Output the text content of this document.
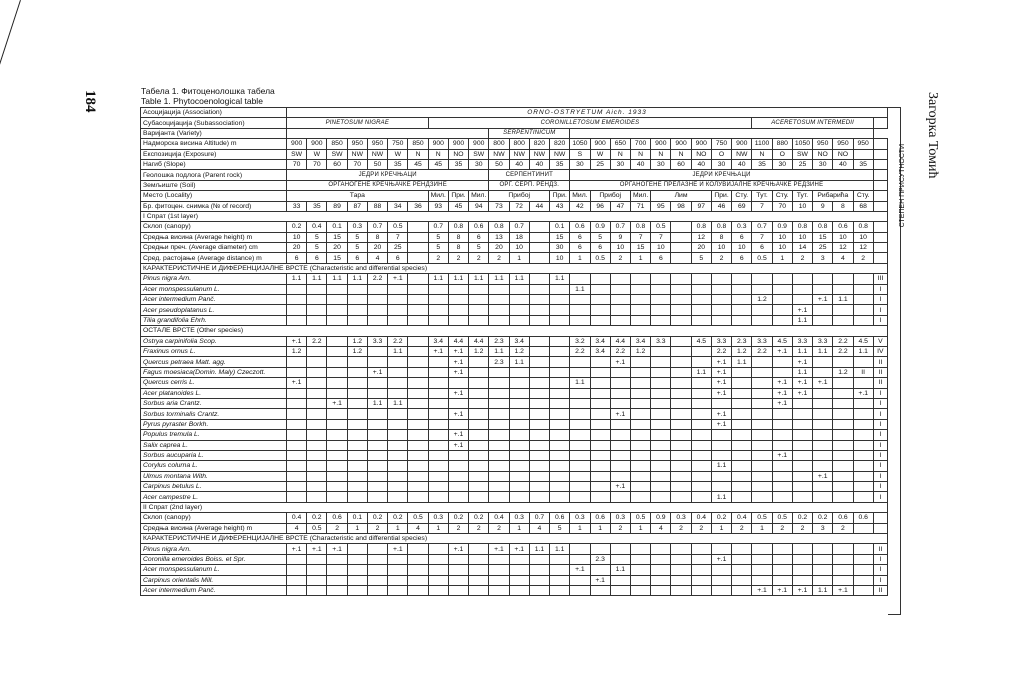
184	Загорка Томић
Табела 1. Фитоценолошка табела
Table 1. Phytocoenological table
Асоцијација (Association)	ORNO-OSTRYETUM Aich. 1933																													
Субасоцијација (Subassociation)	PINETOSUM NIGRAE							CORONILLETOSUM EMEROIDES																ACERETOSUM INTERMEDII						
Варијанта (Variety)											SERPENTINICUM																			
Надморска висина Altitude) m	900	900	850	950	950	750	850	900	900	900	800	800	820	820	1050	900	650	700	900	900	900	750	900	1100	880	1050	950	950	950	
Експозиција (Exposure)	SW	W	SW	NW	NW	W	N	N	NO	SW	NW	NW	NW	NW	S	W	N	N	N	N	NO	O	NW	N	O	SW	NO	NO		
Нагиб (Slope)	70	70	60	70	50	35	45	45	35	30	50	40	40	35	30	25	30	40	30	60	40	30	40	35	30	25	30	40	35	
Геолошка подлога (Parent rock)	ЈЕДРИ КРЕЧЊАЦИ										СЕРПЕНТИНИТ				ЈЕДРИ КРЕЧЊАЦИ															
Земљиште (Soil)	ОРГАНОГЕНЕ КРЕЧЊАЧКЕ РЕНДЗИНЕ										ОРГ. СЕРП. РЕНДЗ.				ОРГАНОГЕНЕ ПРЕЛАЗНЕ И КОЛУВИЈАЛНЕ КРЕЧЊАЧКЕ РЕДЗИНЕ															
Место (Locality)	Тара							Мил.	При.	Мил.	Прибој			При.	Мил.	Прибој		Мил.	Лим			При.	Сту.	Тут.	Сту.	Тут.	Рибарића		Сту.	
Бр. фитоцен. снимка (№ of record)	33	35	89	87	88	34	36	93	45	94	73	72	44	43	42	96	47	71	95	98	97	46	69	7	70	10	9	8	68	
I Спрат (1st layer)																														
Склоп (canopy)	0.2	0.4	0.1	0.3	0.7	0.5		0.7	0.8	0.6	0.8	0.7		0.1	0.6	0.9	0.7	0.8	0.5		0.8	0.8	0.3	0.7	0.9	0.8	0.8	0.6	0.8	
Средња висина (Average height) m	10	5	15	5	8	7		5	8	6	13	18		15	6	5	9	7	7		12	8	6	7	10	10	15	10	10	
Средњи преч. (Average diameter) cm	20	5	20	5	20	25		5	8	5	20	10		30	6	6	10	15	10		20	10	10	6	10	14	25	12	12	
Сред. растојање (Average distance) m	6	6	15	6	4	6		2	2	2	2	1		10	1	0.5	2	1	6		5	2	6	0.5	1	2	3	4	2	
КАРАКТЕРИСТИЧНЕ И ДИФЕРЕНЦИЈАЛНЕ ВРСТЕ (Characteristic and differential species)																														
Pinus nigra Arn.	1.1	1.1	1.1	1.1	2.2	+.1		1.1	1.1	1.1	1.1	1.1		1.1																III
Acer monspessulanum L.															1.1															I
Acer intermedium Panč.																								1.2			+.1	1.1		I
Acer pseudoplatanus L.																										+.1				I
Tilia grandifolia Ehrh.																										1.1				I
ОСТАЛЕ ВРСТЕ (Other species)																														
Ostrya carpinifolia Scop.	+.1	2.2		1.2	3.3	2.2		3.4	4.4	4.4	2.3	3.4			3.2	3.4	4.4	3.4	3.3		4.5	3.3	2.3	3.3	4.5	3.3	3.3	2.2	4.5	V
Fraxinus ornus L.	1.2			1.2		1.1		+.1	+.1	1.2	1.1	1.2			2.2	3.4	2.2	1.2				2.2	1.2	2.2	+.1	1.1	1.1	2.2	1.1	IV
Quercus petraea Matt. agg.									+.1		2.3	1.1					+.1					+.1	1.1			+.1				II
Fagus moesiaca(Domin. Maly) Czeczott.					+.1				+.1												1.1	+.1				1.1		1.2	II	II
Quercus cerris L.	+.1														1.1							+.1			+.1	+.1	+.1			II
Acer platanoides L.									+.1													+.1			+.1	+.1			+.1	I
Sorbus aria Crantz.			+.1		1.1	1.1																			+.1					I
Sorbus torminalis Crantz.									+.1								+.1					+.1								I
Pyrus pyraster Borkh.																						+.1								I
Populus tremula L.									+.1																					I
Salix caprea L.									+.1																					I
Sorbus aucuparia L.																									+.1					I
Corylus colurna L.																						1.1								I
Ulmus montana With.																											+.1			I
Carpinus betulus L.																	+.1													I
Acer campestre L.																						1.1								I
II Спрат (2nd layer)																														
Склоп (canopy)	0.4	0.2	0.6	0.1	0.2	0.2	0.5	0.3	0.2	0.2	0.4	0.3	0.7	0.6	0.3	0.6	0.3	0.5	0.9	0.3	0.4	0.2	0.4	0.5	0.5	0.2	0.2	0.6	0.6	
Средња висина (Average height) m	4	0.5	2	1	2	1	4	1	2	2	2	1	4	5	1	1	2	1	4	2	2	1	2	1	2	2	3	2		
КАРАКТЕРИСТИЧНЕ И ДИФЕРЕНЦИЈАЛНЕ ВРСТЕ (Characteristic and differential species)																														
Pinus nigra Arn.	+.1	+.1	+.1			+.1			+.1		+.1	+.1	1.1	1.1																II
Coronilla emeroides Boiss. et Spr.																2.3						+.1								I
Acer monspessulanum L.															+.1		1.1													I
Carpinus orientalis Mill.																+.1														I
Acer intermedium Panč.																								+.1	+.1	+.1	1.1	+.1		II
СТЕПЕН ПРИСУТНОСТИ
